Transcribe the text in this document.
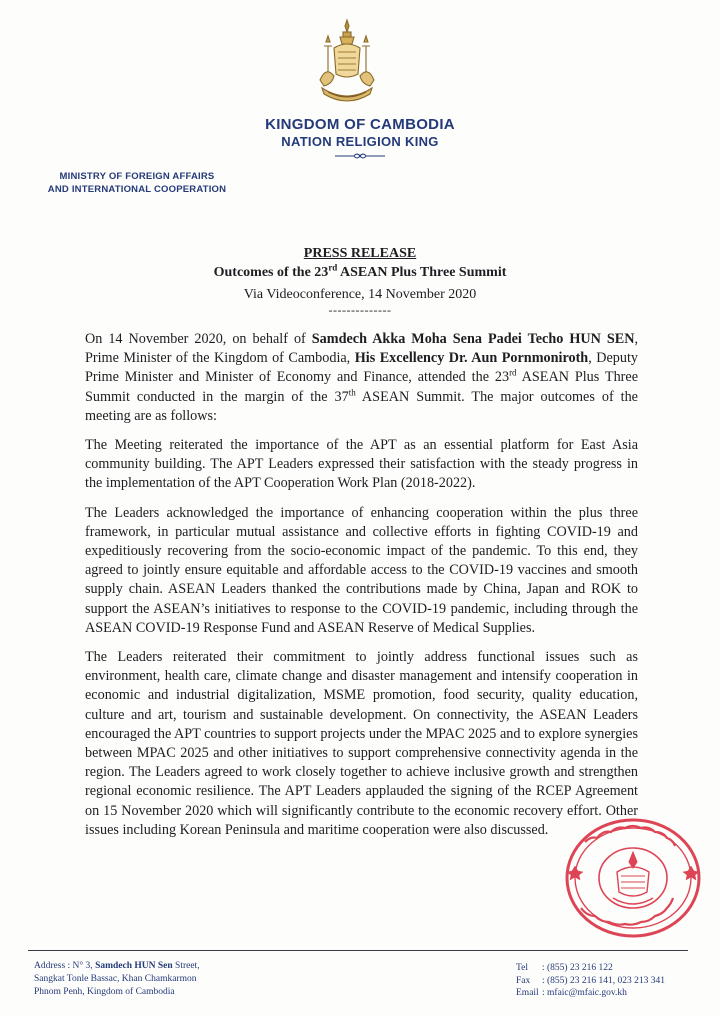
KINGDOM OF CAMBODIA
NATION RELIGION KING
MINISTRY OF FOREIGN AFFAIRS
AND INTERNATIONAL COOPERATION
PRESS RELEASE
Outcomes of the 23rd ASEAN Plus Three Summit
Via Videoconference, 14 November 2020
--------------

On 14 November 2020, on behalf of Samdech Akka Moha Sena Padei Techo HUN SEN, Prime Minister of the Kingdom of Cambodia, His Excellency Dr. Aun Pornmoniroth, Deputy Prime Minister and Minister of Economy and Finance, attended the 23rd ASEAN Plus Three Summit conducted in the margin of the 37th ASEAN Summit. The major outcomes of the meeting are as follows:

The Meeting reiterated the importance of the APT as an essential platform for East Asia community building. The APT Leaders expressed their satisfaction with the steady progress in the implementation of the APT Cooperation Work Plan (2018-2022).

The Leaders acknowledged the importance of enhancing cooperation within the plus three framework, in particular mutual assistance and collective efforts in fighting COVID-19 and expeditiously recovering from the socio-economic impact of the pandemic. To this end, they agreed to jointly ensure equitable and affordable access to the COVID-19 vaccines and smooth supply chain. ASEAN Leaders thanked the contributions made by China, Japan and ROK to support the ASEAN’s initiatives to response to the COVID-19 pandemic, including through the ASEAN COVID-19 Response Fund and ASEAN Reserve of Medical Supplies.

The Leaders reiterated their commitment to jointly address functional issues such as environment, health care, climate change and disaster management and intensify cooperation in economic and industrial digitalization, MSME promotion, food security, quality education, culture and art, tourism and sustainable development. On connectivity, the ASEAN Leaders encouraged the APT countries to support projects under the MPAC 2025 and to explore synergies between MPAC 2025 and other initiatives to support comprehensive connectivity agenda in the region. The Leaders agreed to work closely together to achieve inclusive growth and strengthen regional economic resilience. The APT Leaders applauded the signing of the RCEP Agreement on 15 November 2020 which will significantly contribute to the economic recovery effort. Other issues including Korean Peninsula and maritime cooperation were also discussed.

Address : N° 3, Samdech HUN Sen Street,
Sangkat Tonle Bassac, Khan Chamkarmon
Phnom Penh, Kingdom of Cambodia
Tel	: (855) 23 216 122
Fax	: (855) 23 216 141, 023 213 341
Email : mfaic@mfaic.gov.kh
